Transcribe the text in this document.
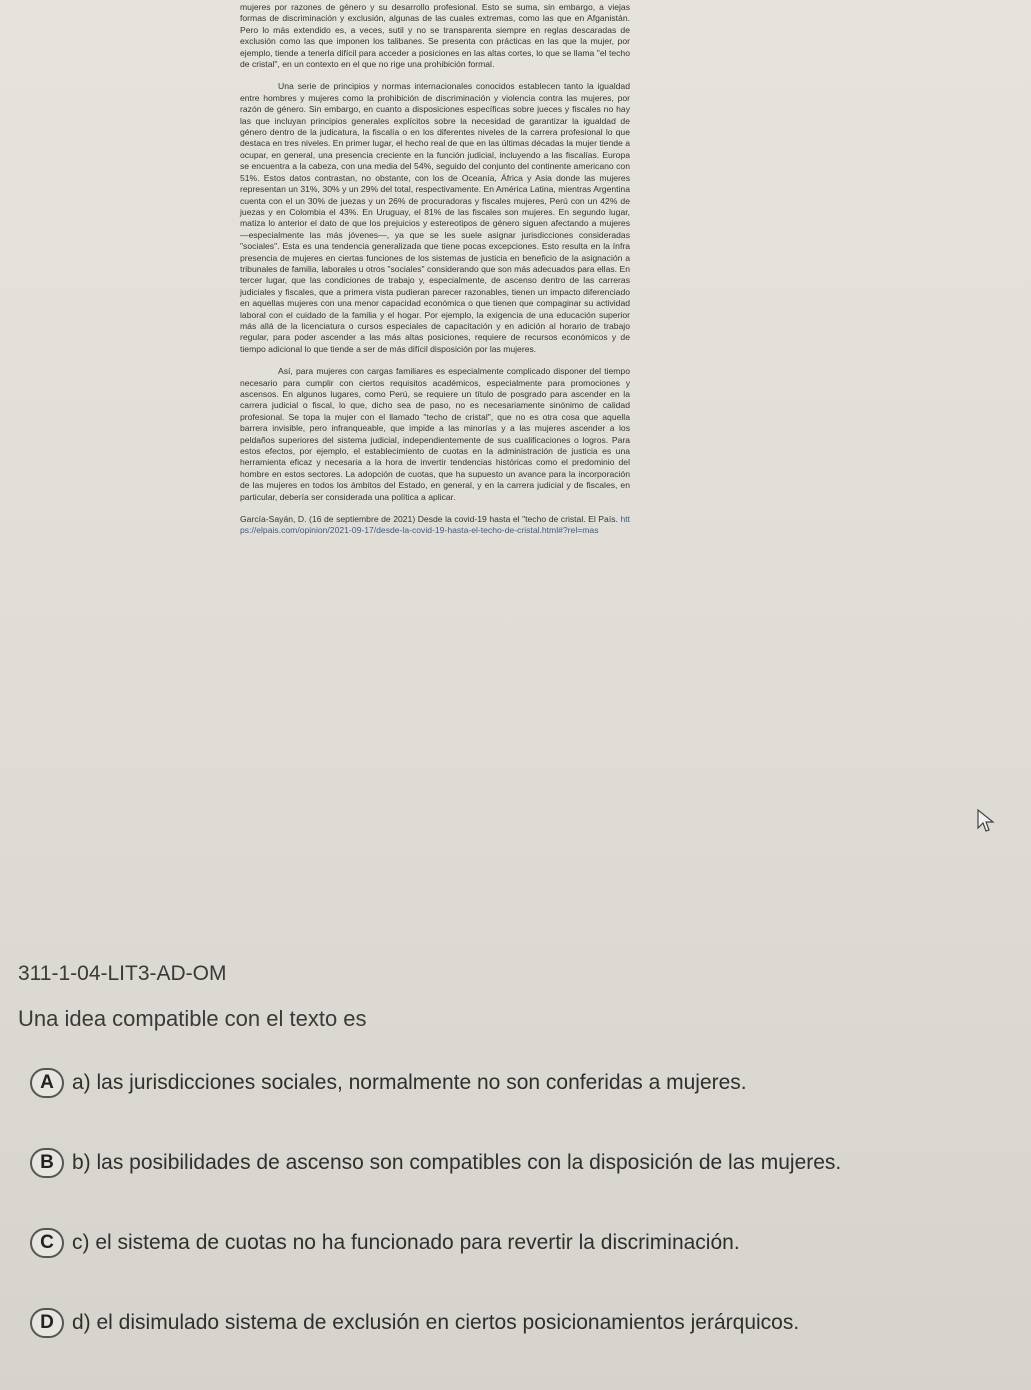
mujeres por razones de género y su desarrollo profesional. Esto se suma, sin embargo, a viejas formas de discriminación y exclusión, algunas de las cuales extremas, como las que en Afganistán. Pero lo más extendido es, a veces, sutil y no se transparenta siempre en reglas descaradas de exclusión como las que imponen los talibanes. Se presenta con prácticas en las que la mujer, por ejemplo, tiende a tenerla difícil para acceder a posiciones en las altas cortes, lo que se llama "el techo de cristal", en un contexto en el que no rige una prohibición formal.

Una serie de principios y normas internacionales conocidos establecen tanto la igualdad entre hombres y mujeres como la prohibición de discriminación y violencia contra las mujeres, por razón de género. Sin embargo, en cuanto a disposiciones específicas sobre jueces y fiscales no hay las que incluyan principios generales explícitos sobre la necesidad de garantizar la igualdad de género dentro de la judicatura, la fiscalía o en los diferentes niveles de la carrera profesional lo que destaca en tres niveles. En primer lugar, el hecho real de que en las últimas décadas la mujer tiende a ocupar, en general, una presencia creciente en la función judicial, incluyendo a las fiscalías. Europa se encuentra a la cabeza, con una media del 54%, seguido del conjunto del continente americano con 51%. Estos datos contrastan, no obstante, con los de Oceanía, África y Asia donde las mujeres representan un 31%, 30% y un 29% del total, respectivamente. En América Latina, mientras Argentina cuenta con el un 30% de juezas y un 26% de procuradoras y fiscales mujeres, Perú con un 42% de juezas y en Colombia el 43%. En Uruguay, el 81% de las fiscales son mujeres. En segundo lugar, matiza lo anterior el dato de que los prejuicios y estereotipos de género siguen afectando a mujeres —especialmente las más jóvenes—, ya que se les suele asignar jurisdicciones consideradas "sociales". Esta es una tendencia generalizada que tiene pocas excepciones. Esto resulta en la ínfra presencia de mujeres en ciertas funciones de los sistemas de justicia en beneficio de la asignación a tribunales de familia, laborales u otros "sociales" considerando que son más adecuados para ellas. En tercer lugar, que las condiciones de trabajo y, especialmente, de ascenso dentro de las carreras judiciales y fiscales, que a primera vista pudieran parecer razonables, tienen un impacto diferenciado en aquellas mujeres con una menor capacidad económica o que tienen que compaginar su actividad laboral con el cuidado de la familia y el hogar. Por ejemplo, la exigencia de una educación superior más allá de la licenciatura o cursos especiales de capacitación y en adición al horario de trabajo regular, para poder ascender a las más altas posiciones, requiere de recursos económicos y de tiempo adicional lo que tiende a ser de más difícil disposición por las mujeres.

Así, para mujeres con cargas familiares es especialmente complicado disponer del tiempo necesario para cumplir con ciertos requisitos académicos, especialmente para promociones y ascensos. En algunos lugares, como Perú, se requiere un título de posgrado para ascender en la carrera judicial o fiscal, lo que, dicho sea de paso, no es necesariamente sinónimo de calidad profesional. Se topa la mujer con el llamado "techo de cristal", que no es otra cosa que aquella barrera invisible, pero infranqueable, que impide a las minorías y a las mujeres ascender a los peldaños superiores del sistema judicial, independientemente de sus cualificaciones o logros. Para estos efectos, por ejemplo, el establecimiento de cuotas en la administración de justicia es una herramienta eficaz y necesaria a la hora de invertir tendencias históricas como el predominio del hombre en estos sectores. La adopción de cuotas, que ha supuesto un avance para la incorporación de las mujeres en todos los ámbitos del Estado, en general, y en la carrera judicial y de fiscales, en particular, debería ser considerada una política a aplicar.

García-Sayán, D. (16 de septiembre de 2021) Desde la covid-19 hasta el "techo de cristal. El País. https://elpais.com/opinion/2021-09-17/desde-la-covid-19-hasta-el-techo-de-cristal.html#?rel=mas
311-1-04-LIT3-AD-OM
Una idea compatible con el texto es
A a) las jurisdicciones sociales, normalmente no son conferidas a mujeres.
B b) las posibilidades de ascenso son compatibles con la disposición de las mujeres.
C c) el sistema de cuotas no ha funcionado para revertir la discriminación.
D d) el disimulado sistema de exclusión en ciertos posicionamientos jerárquicos.
